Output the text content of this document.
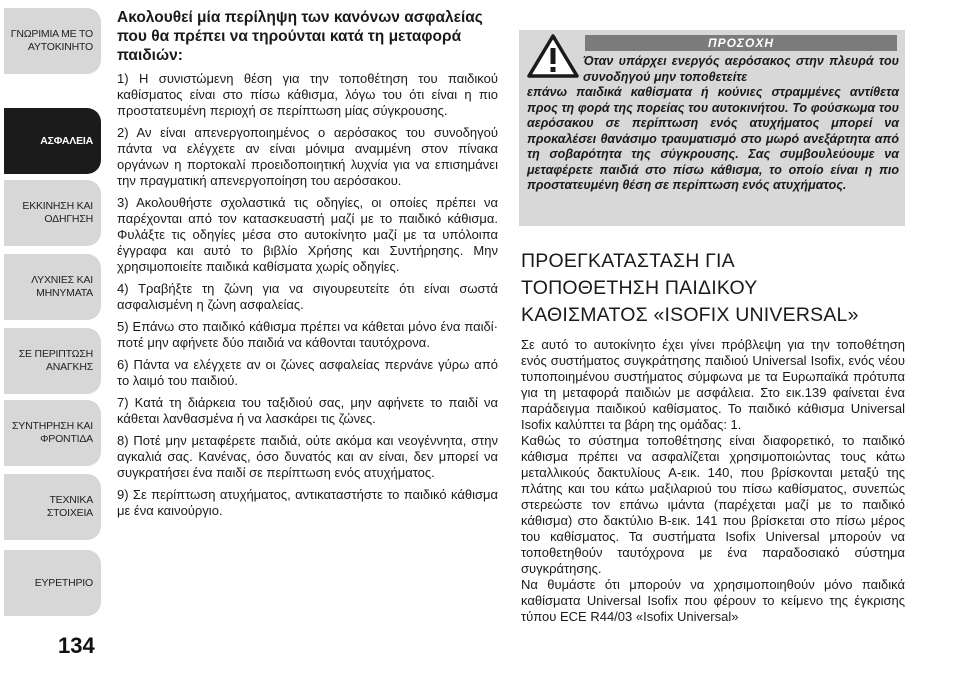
ΓΝΩΡΙΜΙΑ ΜΕ ΤΟ ΑΥΤΟΚΙΝΗΤΟ
ΑΣΦΑΛΕΙΑ
ΕΚΚΙΝΗΣΗ ΚΑΙ ΟΔΗΓΗΣΗ
ΛΥΧΝΙΕΣ ΚΑΙ ΜΗΝΥΜΑΤΑ
ΣΕ ΠΕΡΙΠΤΩΣΗ ΑΝΑΓΚΗΣ
ΣΥΝΤΗΡΗΣΗ ΚΑΙ ΦΡΟΝΤΙΔΑ
ΤΕΧΝΙΚΑ ΣΤΟΙΧΕΙΑ
ΕΥΡΕΤΗΡΙΟ
134

Ακολουθεί μία περίληψη των κανόνων ασφαλείας που θα πρέπει να τηρούνται κατά τη μεταφορά παιδιών:

1) Η συνιστώμενη θέση για την τοποθέτηση του παιδικού καθίσματος είναι στο πίσω κάθισμα, λόγω του ότι είναι η πιο προστατευμένη περιοχή σε περίπτωση μίας σύγκρουσης.

2) Αν είναι απενεργοποιημένος ο αερόσακος του συνοδηγού πάντα να ελέγχετε αν είναι μόνιμα αναμμένη στον πίνακα οργάνων η πορτοκαλί προειδοποιητική λυχνία για να επισημάνει την πραγματική απενεργοποίηση του αερόσακου.

3) Ακολουθήστε σχολαστικά τις οδηγίες, οι οποίες πρέπει να παρέχονται από τον κατασκευαστή μαζί με το παιδικό κάθισμα. Φυλάξτε τις οδηγίες μέσα στο αυτοκίνητο μαζί με τα υπόλοιπα έγγραφα και αυτό το βιβλίο Χρήσης και Συντήρησης. Μην χρησιμοποιείτε παιδικά καθίσματα χωρίς οδηγίες.

4) Τραβήξτε τη ζώνη για να σιγουρευτείτε ότι είναι σωστά ασφαλισμένη η ζώνη ασφαλείας.

5) Επάνω στο παιδικό κάθισμα πρέπει να κάθεται μόνο ένα παιδί· ποτέ μην αφήνετε δύο παιδιά να κάθονται ταυτόχρονα.

6) Πάντα να ελέγχετε αν οι ζώνες ασφαλείας περνάνε γύρω από το λαιμό του παιδιού.

7) Κατά τη διάρκεια του ταξιδιού σας, μην αφήνετε το παιδί να κάθεται λανθασμένα ή να λασκάρει τις ζώνες.

8) Ποτέ μην μεταφέρετε παιδιά, ούτε ακόμα και νεογέννητα, στην αγκαλιά σας. Κανένας, όσο δυνατός και αν είναι, δεν μπορεί να συγκρατήσει ένα παιδί σε περίπτωση ενός ατυχήματος.

9) Σε περίπτωση ατυχήματος, αντικαταστήστε το παιδικό κάθισμα με ένα καινούργιο.

ΠΡΟΣΟΧΗ
Όταν υπάρχει ενεργός αερόσακος στην πλευρά του συνοδηγού μην τοποθετείτε
επάνω παιδικά καθίσματα ή κούνιες στραμμένες αντίθετα προς τη φορά της πορείας του αυτοκινήτου. Το φούσκωμα του αερόσακου σε περίπτωση ενός ατυχήματος μπορεί να προκαλέσει θανάσιμο τραυματισμό στο μωρό ανεξάρτητα από τη σοβαρότητα της σύγκρουσης. Σας συμβουλεύουμε να μεταφέρετε παιδιά στο πίσω κάθισμα, το οποίο είναι η πιο προστατευμένη θέση σε περίπτωση ενός ατυχήματος.
ΠΡΟΕΓΚΑΤΑΣΤΑΣΗ ΓΙΑ
ΤΟΠΟΘΕΤΗΣΗ ΠΑΙΔΙΚΟΥ
ΚΑΘΙΣΜΑΤΟΣ «ISOFIX UNIVERSAL»

Σε αυτό το αυτοκίνητο έχει γίνει πρόβλεψη για την τοποθέτηση ενός συστήματος συγκράτησης παιδιού Universal Isofix, ενός νέου τυποποιημένου συστήματος σύμφωνα με τα Ευρωπαϊκά πρότυπα για τη μεταφορά παιδιών με ασφάλεια. Στο εικ.139 φαίνεται ένα παράδειγμα παιδικού καθίσματος. Το παιδικό κάθισμα Universal Isofix καλύπτει τα βάρη της ομάδας: 1.

Καθώς το σύστημα τοποθέτησης είναι διαφορετικό, το παιδικό κάθισμα πρέπει να ασφαλίζεται χρησιμοποιώντας τους κάτω μεταλλικούς δακτυλίους A-εικ. 140, που βρίσκονται μεταξύ της πλάτης και του κάτω μαξιλαριού του πίσω καθίσματος, συνεπώς στερεώστε τον επάνω ιμάντα (παρέχεται μαζί με το παιδικό κάθισμα) στο δακτύλιο B-εικ. 141 που βρίσκεται στο πίσω μέρος του καθίσματος. Τα συστήματα Isofix Universal μπορούν να τοποθετηθούν ταυτόχρονα με ένα παραδοσιακό σύστημα συγκράτησης.

Να θυμάστε ότι μπορούν να χρησιμοποιηθούν μόνο παιδικά καθίσματα Universal Isofix που φέρουν το κείμενο της έγκρισης τύπου ECE R44/03 «Isofix Universal»
